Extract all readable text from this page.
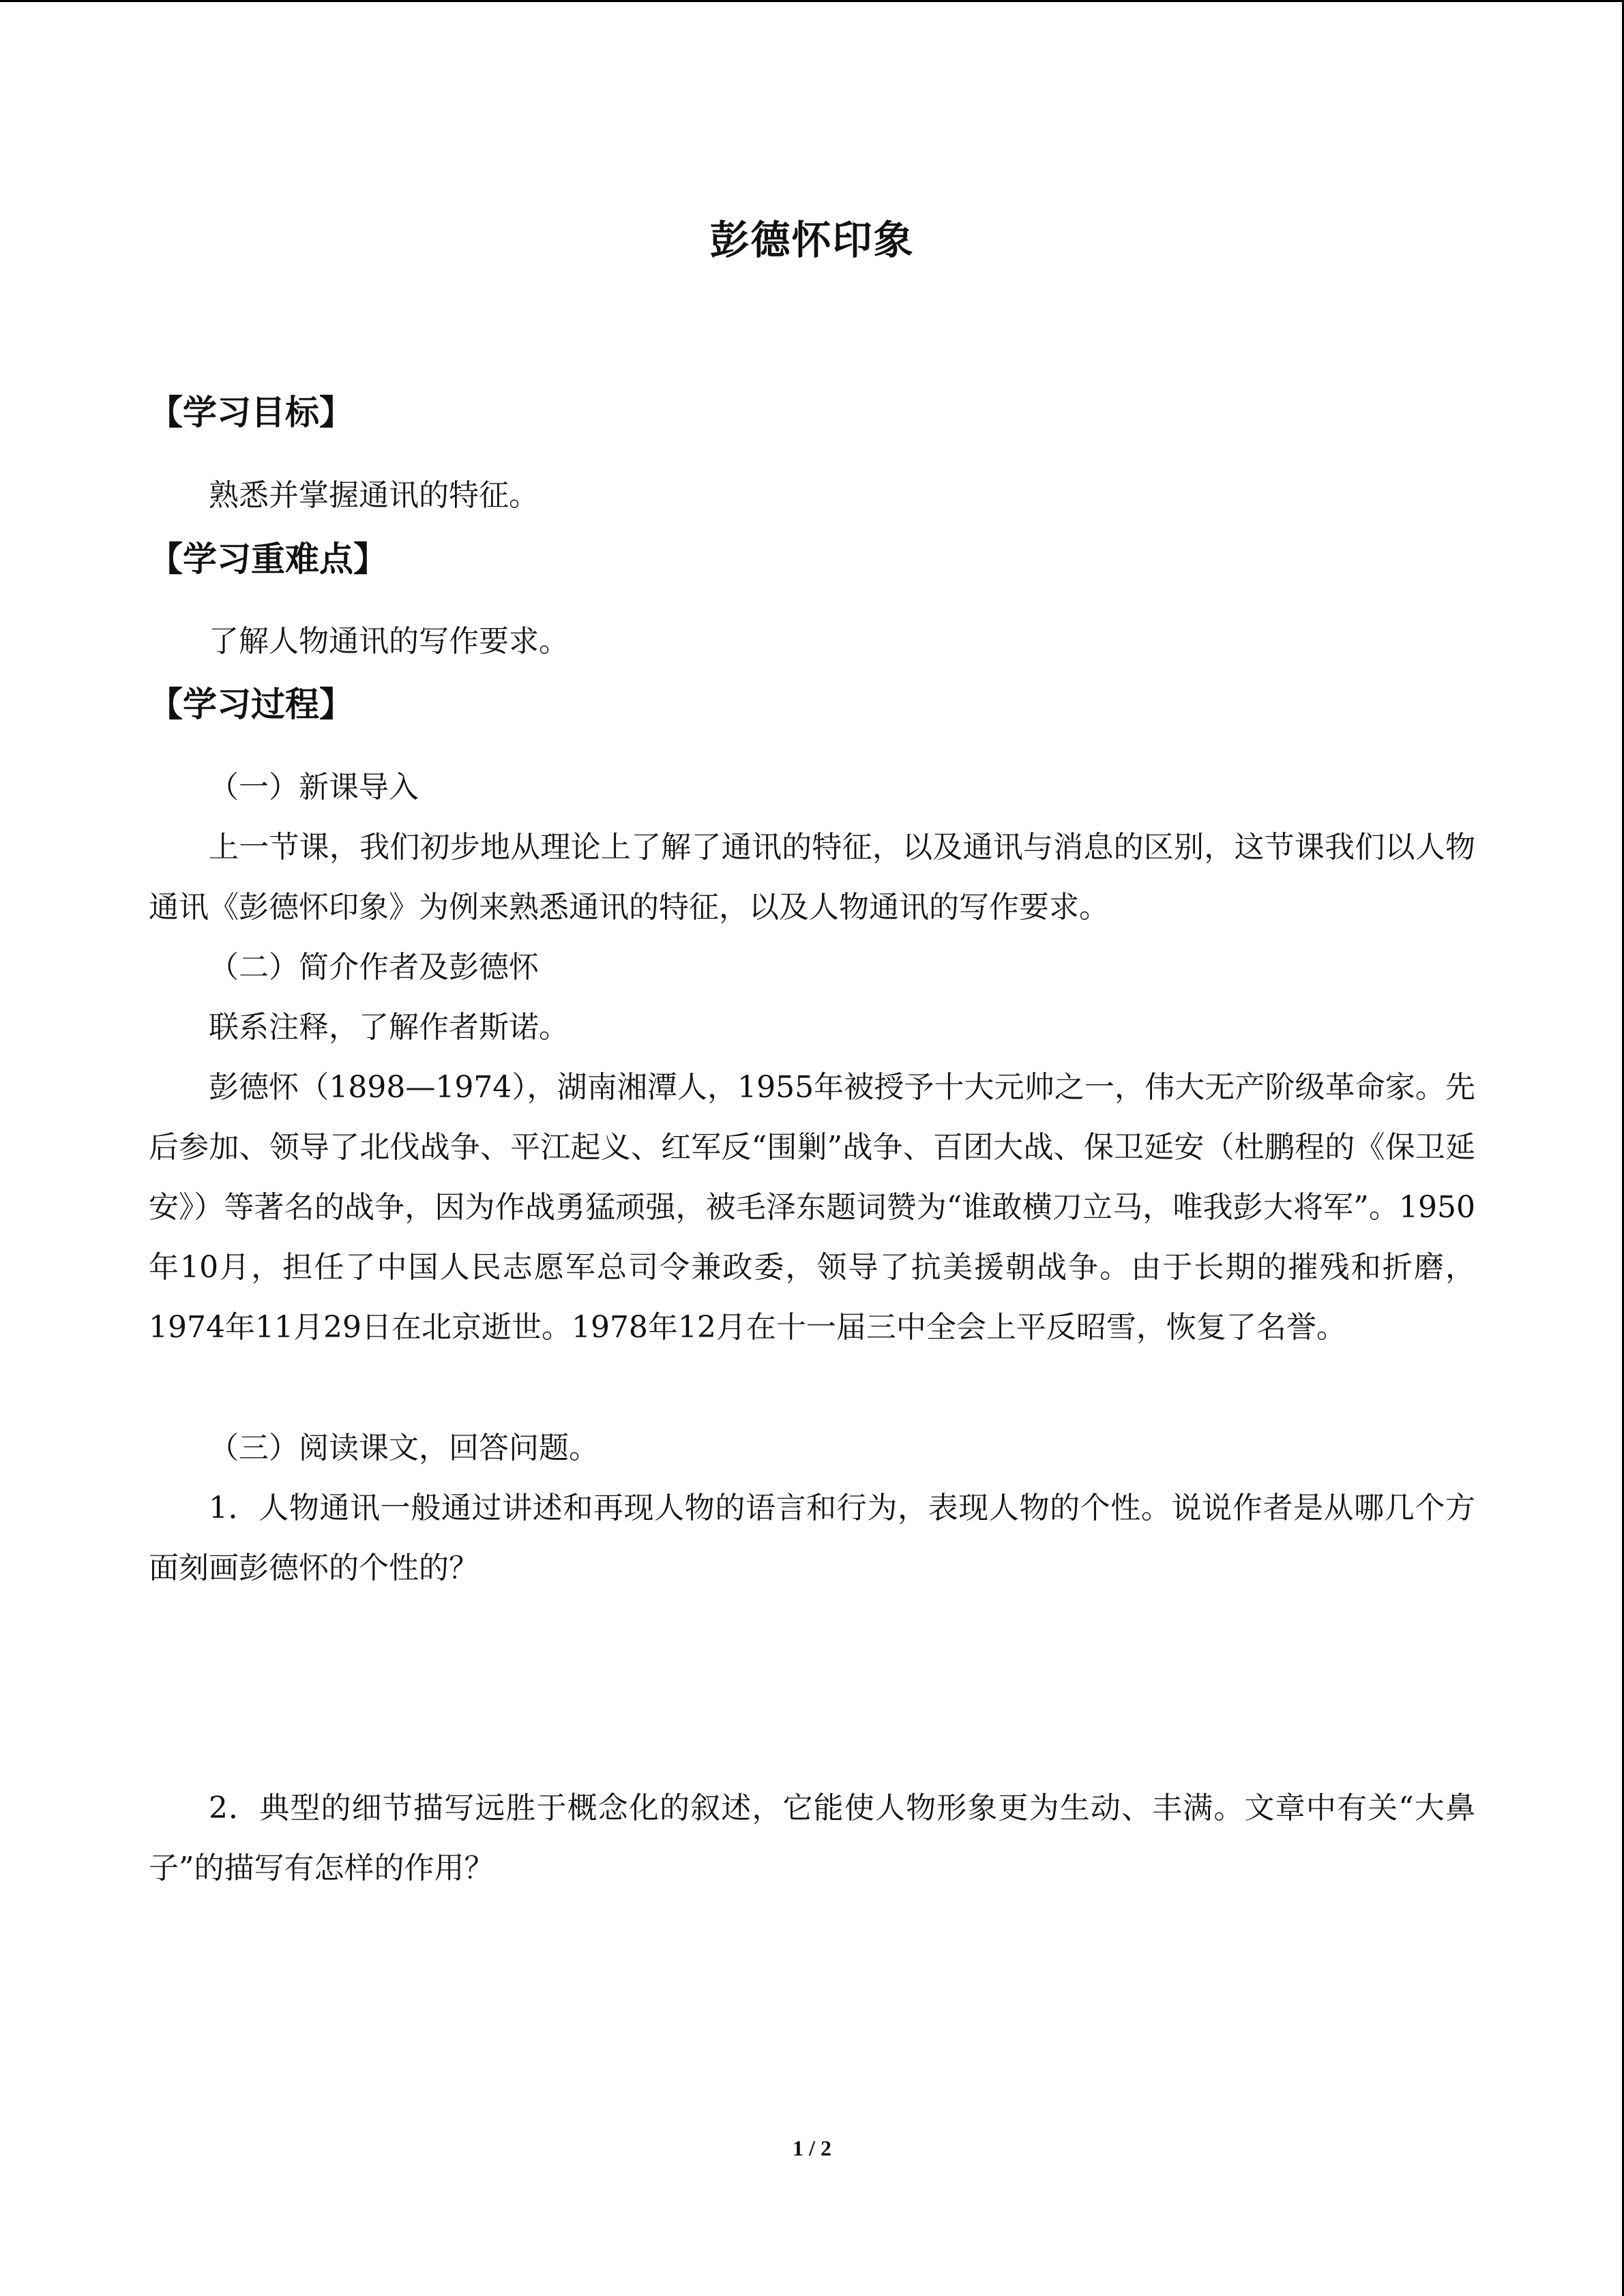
彭德怀印象
【学习目标】
熟悉并掌握通讯的特征。
【学习重难点】
了解人物通讯的写作要求。
【学习过程】
（一）新课导入
上一节课，我们初步地从理论上了解了通讯的特征，以及通讯与消息的区别，这节课我们以人物通讯《彭德怀印象》为例来熟悉通讯的特征，以及人物通讯的写作要求。
（二）简介作者及彭德怀
联系注释，了解作者斯诺。
彭德怀（1898—1974），湖南湘潭人，1955年被授予十大元帅之一，伟大无产阶级革命家。先后参加、领导了北伐战争、平江起义、红军反“围剿”战争、百团大战、保卫延安（杜鹏程的《保卫延安》）等著名的战争，因为作战勇猛顽强，被毛泽东题词赞为“谁敢横刀立马，唯我彭大将军”。1950年10月，担任了中国人民志愿军总司令兼政委，领导了抗美援朝战争。由于长期的摧残和折磨，1974年11月29日在北京逝世。1978年12月在十一届三中全会上平反昭雪，恢复了名誉。
（三）阅读课文，回答问题。
1．人物通讯一般通过讲述和再现人物的语言和行为，表现人物的个性。说说作者是从哪几个方面刻画彭德怀的个性的？
2．典型的细节描写远胜于概念化的叙述，它能使人物形象更为生动、丰满。文章中有关“大鼻子”的描写有怎样的作用？
1 / 2
